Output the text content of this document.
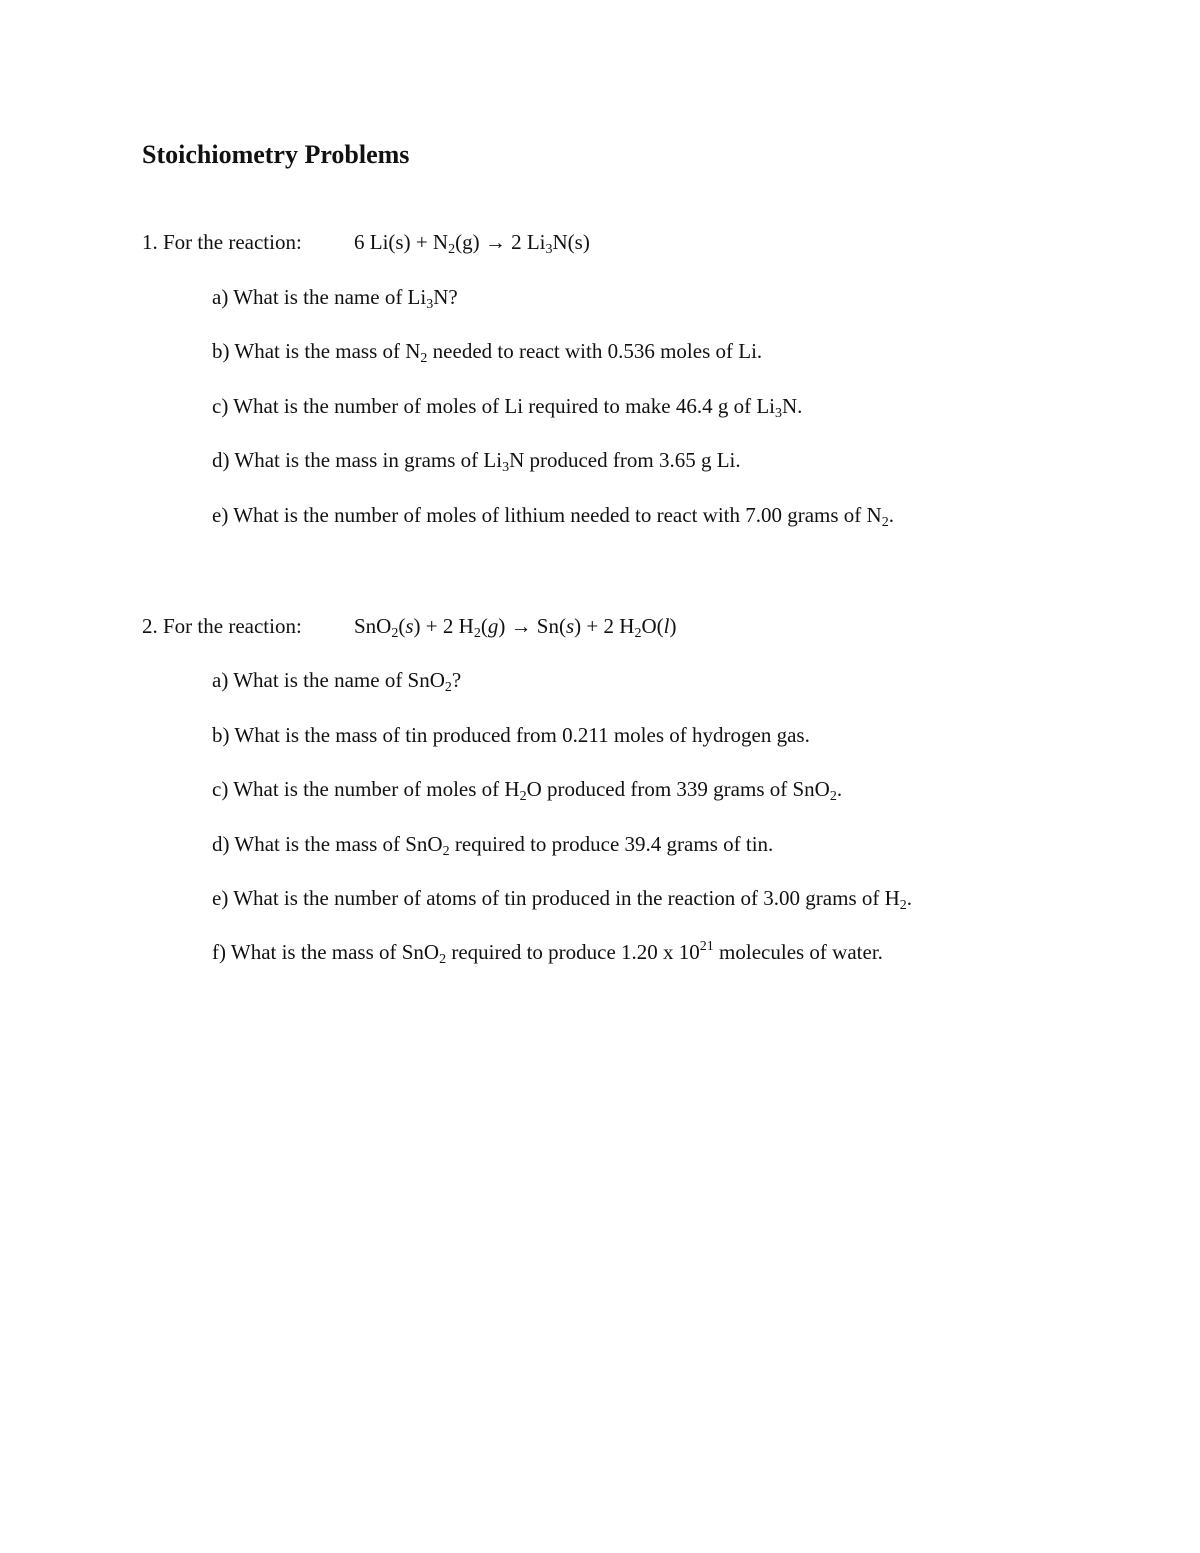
Stoichiometry Problems
1. For the reaction: 6 $Li(s) + N_2(g) \to 2$ $Li_3N(s)$
a) What is the name of $Li_3N$?
b) What is the mass of $N_2$ needed to react with 0.536 moles of Li.
c) What is the number of moles of Li required to make 46.4 g of $Li_3N$.
d) What is the mass in grams of $Li_3N$ produced from 3.65 g Li.
e) What is the number of moles of lithium needed to react with 7.00 grams of $N_2$.
2. For the reaction: SnO$_2$(s) + 2 $H_2(g) \to Sn(s) + 2$ $H_2O(l)$
a) What is the name of SnO$_2$?
b) What is the mass of tin produced from 0.211 moles of hydrogen gas.
c) What is the number of moles of $H_2O$ produced from 339 grams of SnO$_2$.
d) What is the mass of SnO$_2$ required to produce 39.4 grams of tin.
e) What is the number of atoms of tin produced in the reaction of 3.00 grams of $H_2$.
f) What is the mass of SnO$_2$ required to produce 1.20 x $10^{21}$ molecules of water.
